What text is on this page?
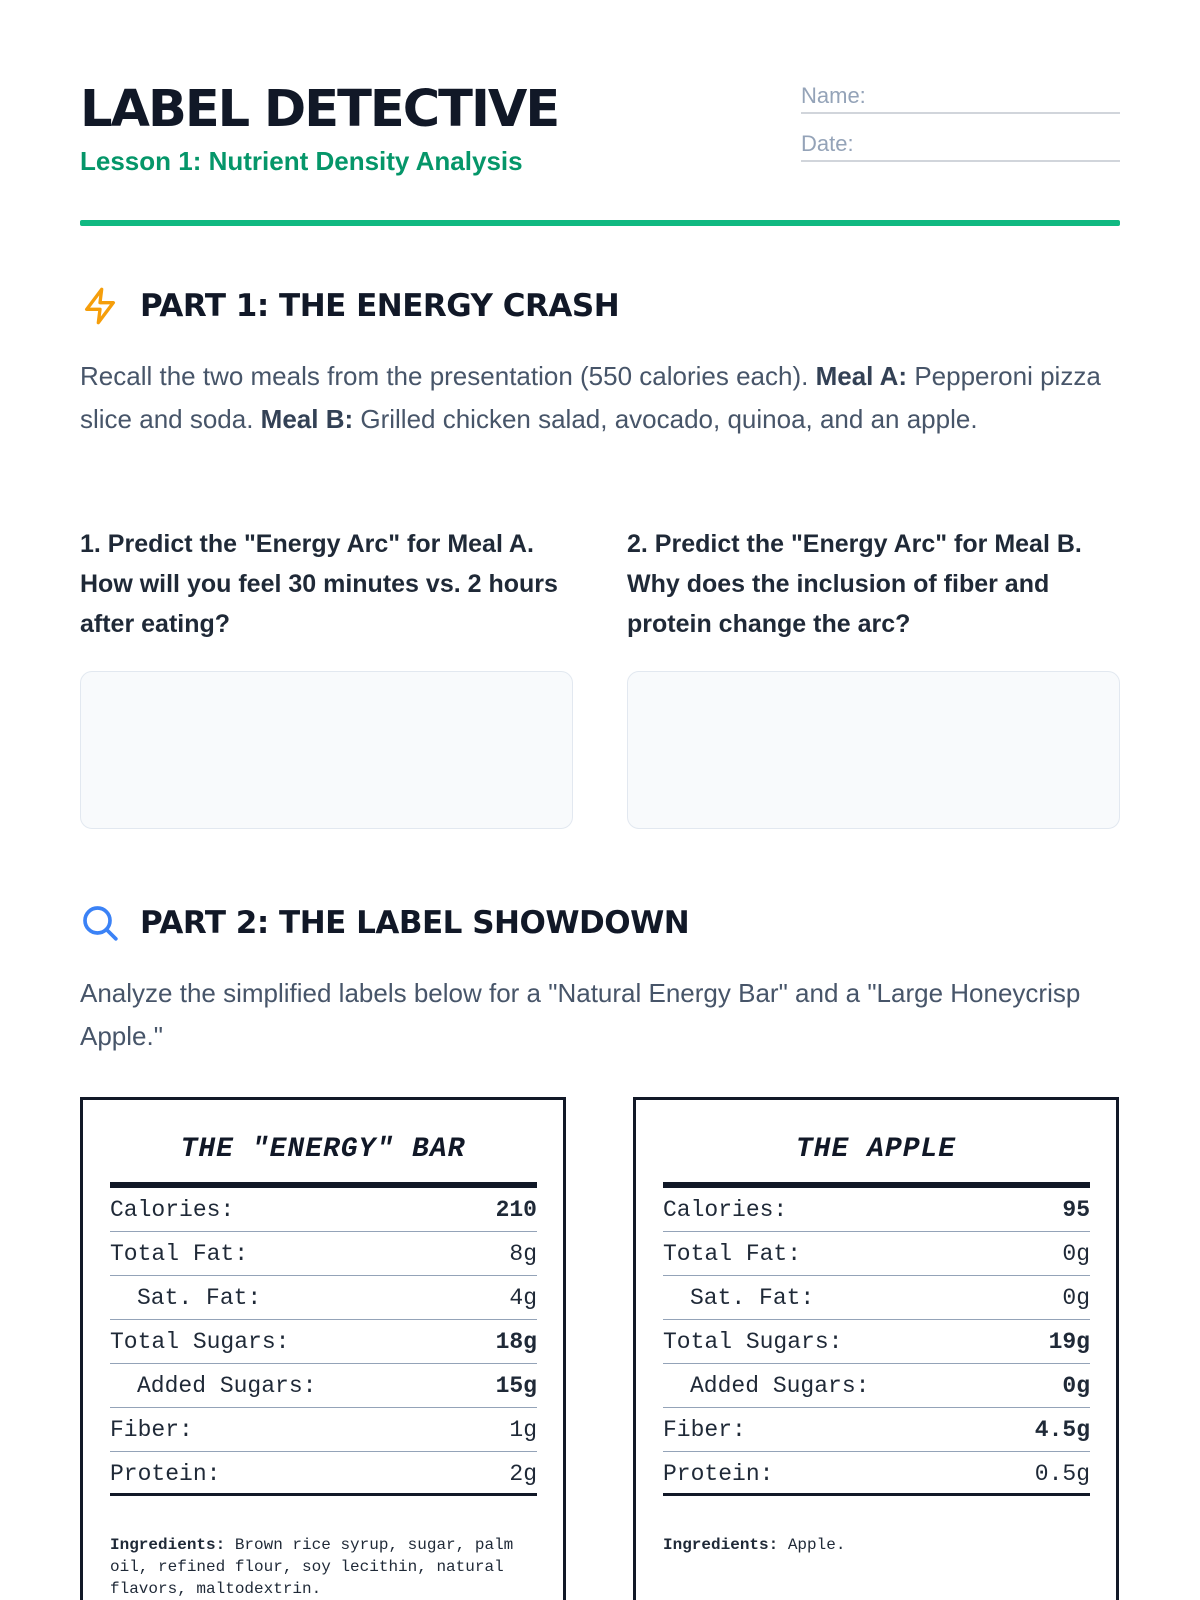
LABEL DETECTIVE
Lesson 1: Nutrient Density Analysis
Name:
Date:
PART 1: THE ENERGY CRASH

Recall the two meals from the presentation (550 calories each). Meal A: Pepperoni pizza slice and soda. Meal B: Grilled chicken salad, avocado, quinoa, and an apple.

1. Predict the "Energy Arc" for Meal A. How will you feel 30 minutes vs. 2 hours after eating?
2. Predict the "Energy Arc" for Meal B. Why does the inclusion of fiber and protein change the arc?
PART 2: THE LABEL SHOWDOWN

Analyze the simplified labels below for a "Natural Energy Bar" and a "Large Honeycrisp Apple."

THE "ENERGY" BAR
Calories:	210
Total Fat:	8g
Sat. Fat:	4g
Total Sugars:	18g
Added Sugars:	15g
Fiber:	1g
Protein:	2g
Ingredients: Brown rice syrup, sugar, palm oil, refined flour, soy lecithin, natural flavors, maltodextrin.
THE APPLE
Calories:	95
Total Fat:	0g
Sat. Fat:	0g
Total Sugars:	19g
Added Sugars:	0g
Fiber:	4.5g
Protein:	0.5g
Ingredients: Apple.
